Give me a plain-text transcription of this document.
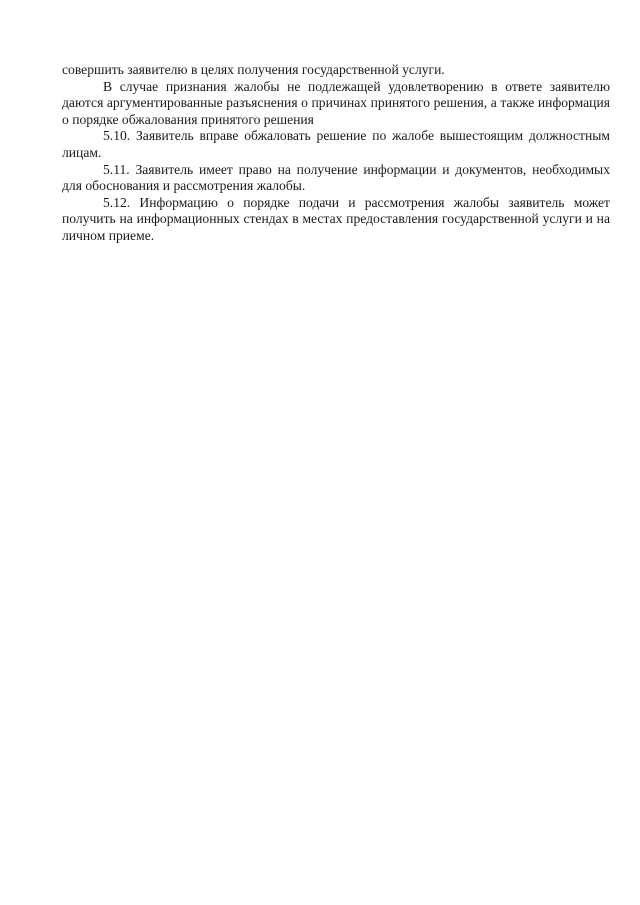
совершить заявителю в целях получения государственной услуги.

В случае признания жалобы не подлежащей удовлетворению в ответе заявителю даются аргументированные разъяснения о причинах принятого решения, а также информация о порядке обжалования принятого решения

5.10. Заявитель вправе обжаловать решение по жалобе вышестоящим должностным лицам.

5.11. Заявитель имеет право на получение информации и документов, необходимых для обоснования и рассмотрения жалобы.

5.12. Информацию о порядке подачи и рассмотрения жалобы заявитель может получить на информационных стендах в местах предоставления государственной услуги и на личном приеме.
